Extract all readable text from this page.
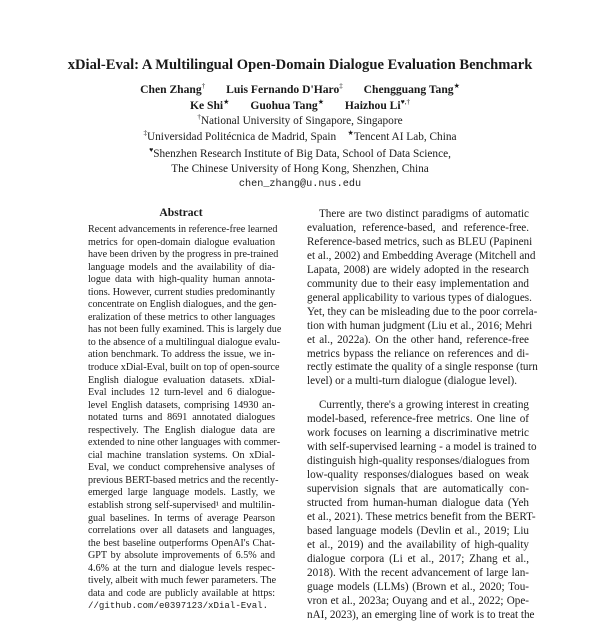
xDial-Eval: A Multilingual Open-Domain Dialogue Evaluation Benchmark
Chen Zhang† Luis Fernando D'Haro‡ Chengguang Tang★
Ke Shi★ Guohua Tang★ Haizhou Li♥,†
†National University of Singapore, Singapore
‡Universidad Politécnica de Madrid, Spain ★Tencent AI Lab, China
♥Shenzhen Research Institute of Big Data, School of Data Science,
The Chinese University of Hong Kong, Shenzhen, China
chen_zhang@u.nus.edu
Abstract
Recent advancements in reference-free learned
metrics for open-domain dialogue evaluation
have been driven by the progress in pre-trained
language models and the availability of dia-
logue data with high-quality human annota-
tions. However, current studies predominantly
concentrate on English dialogues, and the gen-
eralization of these metrics to other languages
has not been fully examined. This is largely due
to the absence of a multilingual dialogue evalu-
ation benchmark. To address the issue, we in-
troduce xDial-Eval, built on top of open-source
English dialogue evaluation datasets. xDial-
Eval includes 12 turn-level and 6 dialogue-
level English datasets, comprising 14930 an-
notated turns and 8691 annotated dialogues
respectively. The English dialogue data are
extended to nine other languages with commer-
cial machine translation systems. On xDial-
Eval, we conduct comprehensive analyses of
previous BERT-based metrics and the recently-
emerged large language models. Lastly, we
establish strong self-supervised¹ and multilin-
gual baselines. In terms of average Pearson
correlations over all datasets and languages,
the best baseline outperforms OpenAI's Chat-
GPT by absolute improvements of 6.5% and
4.6% at the turn and dialogue levels respec-
tively, albeit with much fewer parameters. The
data and code are publicly available at https:
//github.com/e0397123/xDial-Eval.
There are two distinct paradigms of automatic
evaluation, reference-based, and reference-free.
Reference-based metrics, such as BLEU (Papineni
et al., 2002) and Embedding Average (Mitchell and
Lapata, 2008) are widely adopted in the research
community due to their easy implementation and
general applicability to various types of dialogues.
Yet, they can be misleading due to the poor correla-
tion with human judgment (Liu et al., 2016; Mehri
et al., 2022a). On the other hand, reference-free
metrics bypass the reliance on references and di-
rectly estimate the quality of a single response (turn
level) or a multi-turn dialogue (dialogue level).
Currently, there's a growing interest in creating
model-based, reference-free metrics. One line of
work focuses on learning a discriminative metric
with self-supervised learning - a model is trained to
distinguish high-quality responses/dialogues from
low-quality responses/dialogues based on weak
supervision signals that are automatically con-
structed from human-human dialogue data (Yeh
et al., 2021). These metrics benefit from the BERT-
based language models (Devlin et al., 2019; Liu
et al., 2019) and the availability of high-quality
dialogue corpora (Li et al., 2017; Zhang et al.,
2018). With the recent advancement of large lan-
guage models (LLMs) (Brown et al., 2020; Tou-
vron et al., 2023a; Ouyang and et al., 2022; Ope-
nAI, 2023), an emerging line of work is to treat the
